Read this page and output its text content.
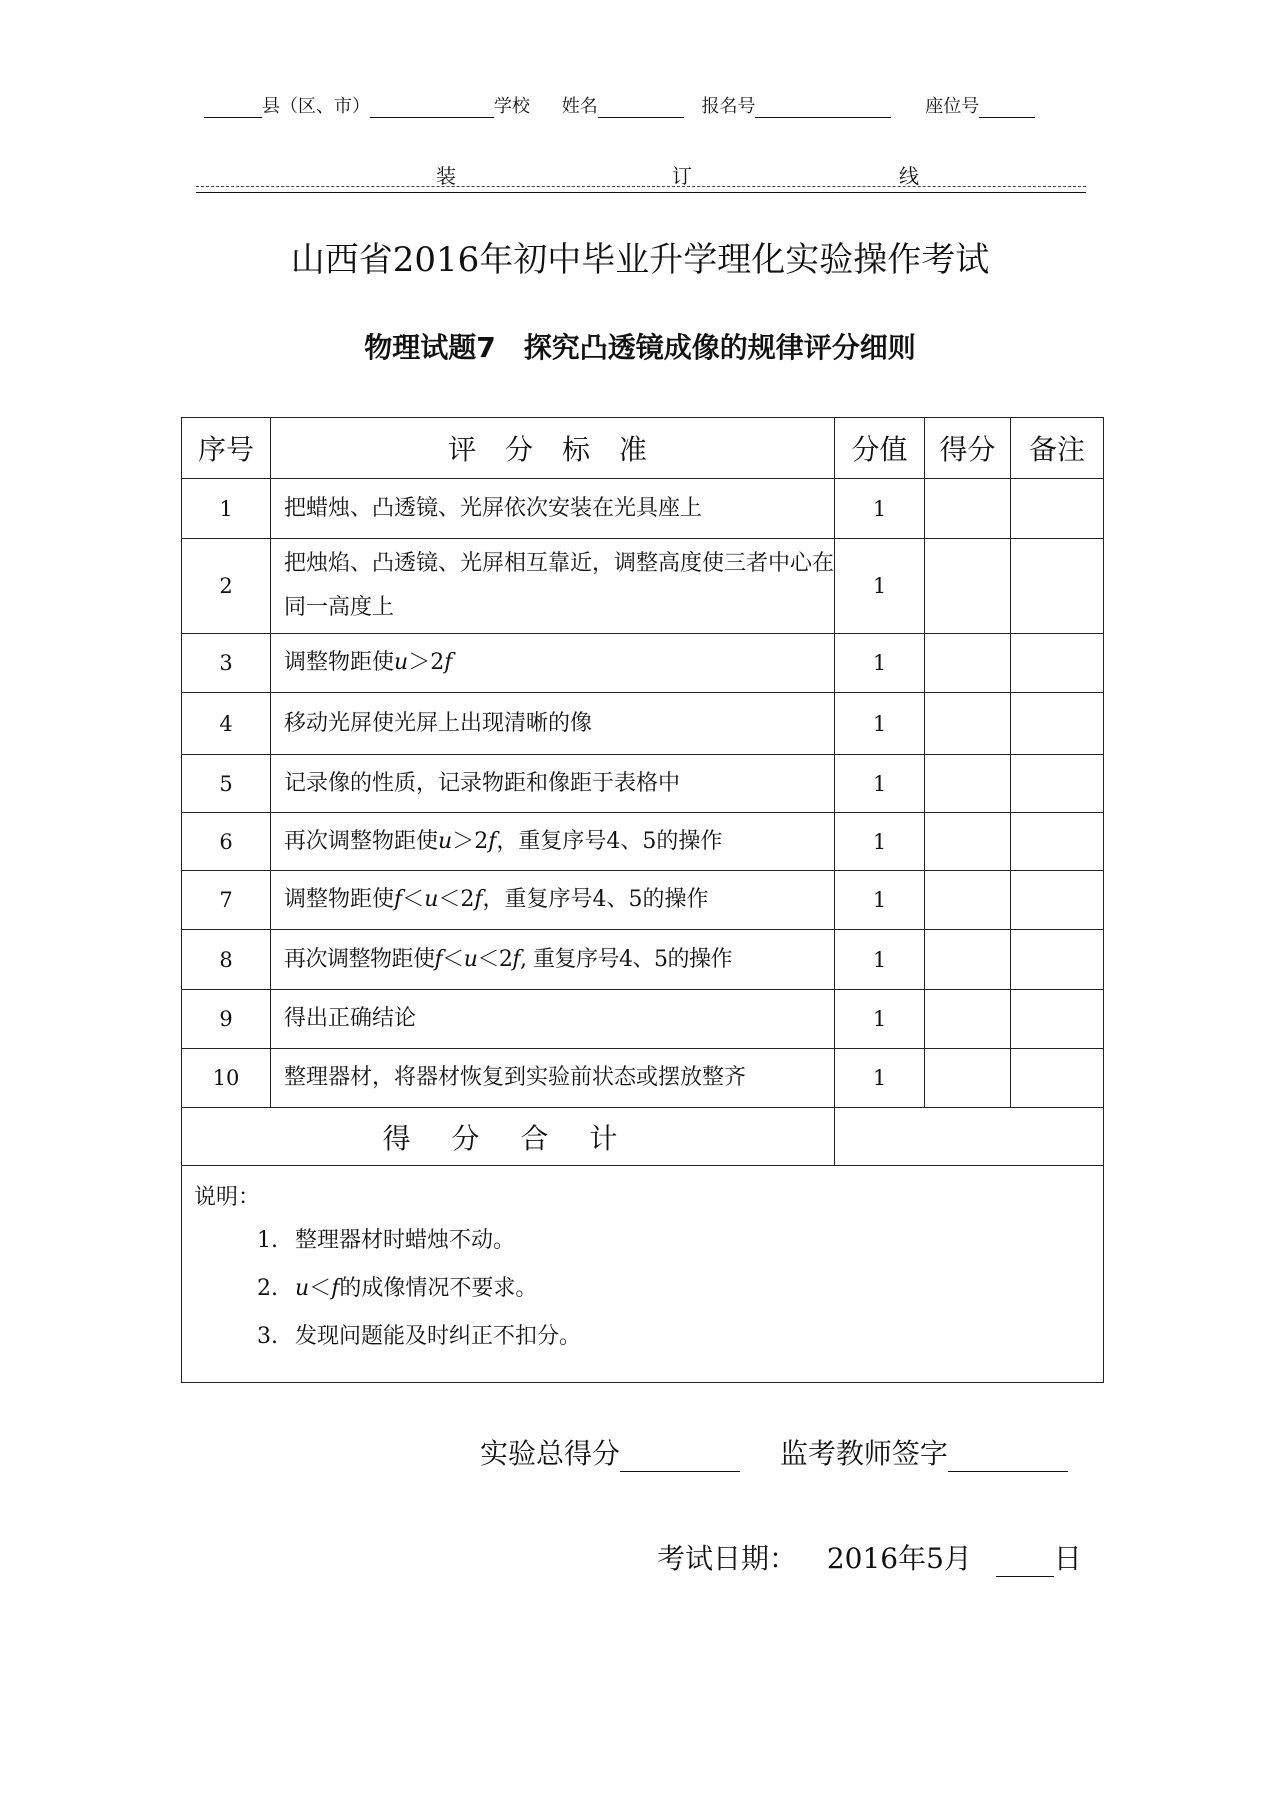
县（区、市）	学校 姓名	报名号	座位号
装	订	线
山西省2016年初中毕业升学理化实验操作考试
物理试题7　探究凸透镜成像的规律评分细则
序号	评 分 标 准	分值	得分	备注
1	把蜡烛、凸透镜、光屏依次安装在光具座上	1		
2	把烛焰、凸透镜、光屏相互靠近，调整高度使三者中心在同一高度上	1		
3	调整物距使u＞2f	1		
4	移动光屏使光屏上出现清晰的像	1		
5	记录像的性质，记录物距和像距于表格中	1		
6	再次调整物距使u＞2f，重复序号4、5的操作	1		
7	调整物距使f＜u＜2f，重复序号4、5的操作	1		
8	再次调整物距使f＜u＜2f, 重复序号4、5的操作	1		
9	得出正确结论	1		
10	整理器材，将器材恢复到实验前状态或摆放整齐	1		
得 分 合 计				

说明：
1. 整理器材时蜡烛不动。
2. u＜f的成像情况不要求。
3. 发现问题能及时纠正不扣分。				
实验总得分	监考教师签字
考试日期： 2016年5月	日
